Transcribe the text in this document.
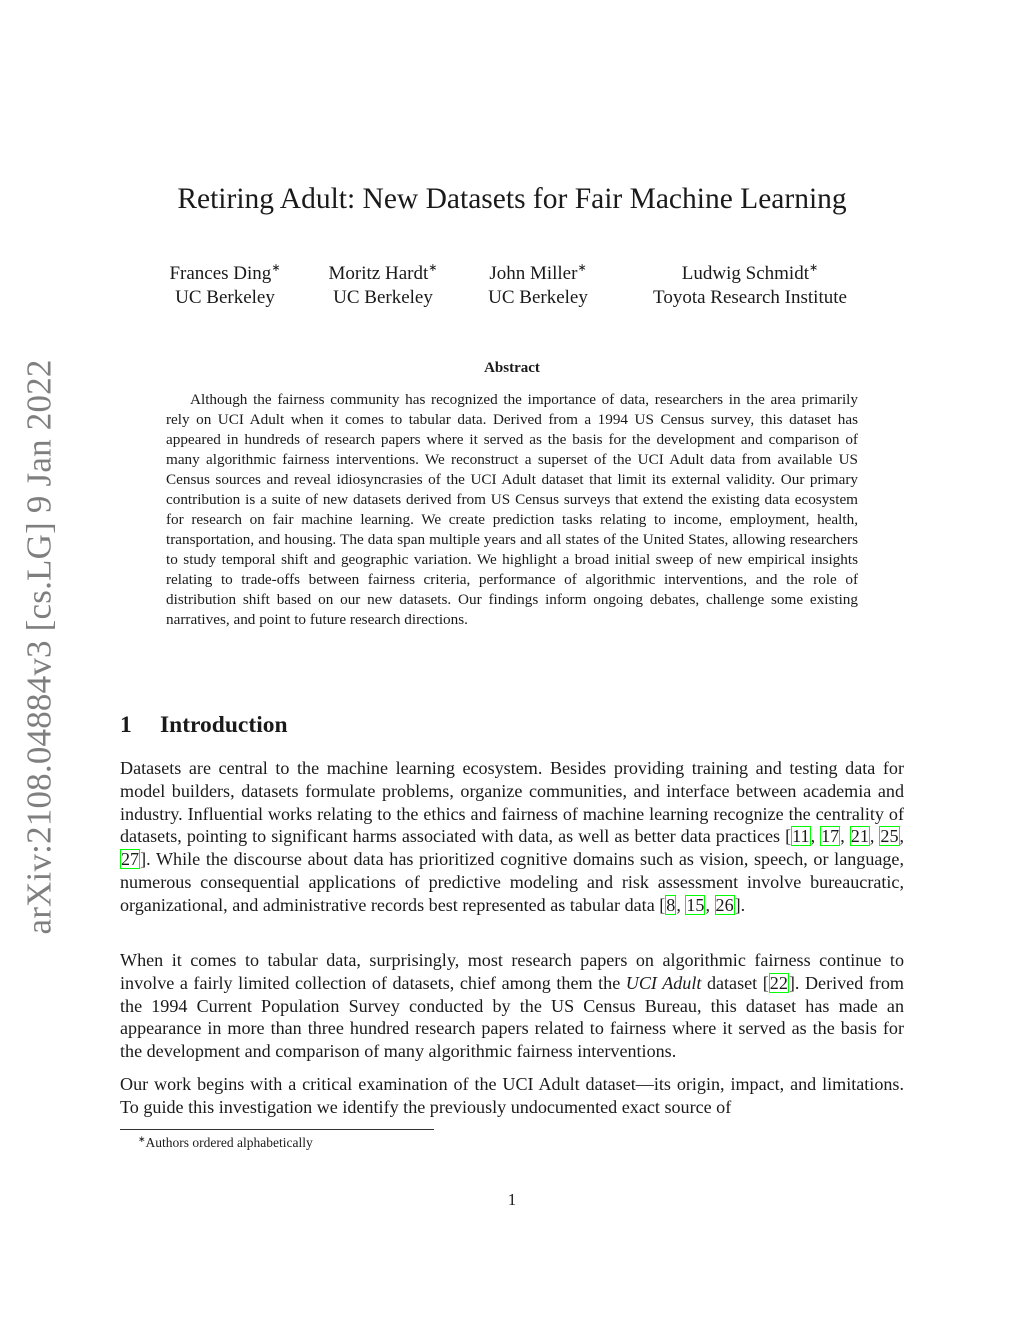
arXiv:2108.04884v3 [cs.LG] 9 Jan 2022
Retiring Adult: New Datasets for Fair Machine Learning
Frances Ding∗
UC Berkeley
Moritz Hardt∗
UC Berkeley
John Miller∗
UC Berkeley
Ludwig Schmidt∗
Toyota Research Institute
Abstract

Although the fairness community has recognized the importance of data, researchers in the area primarily rely on UCI Adult when it comes to tabular data. Derived from a 1994 US Census survey, this dataset has appeared in hundreds of research papers where it served as the basis for the development and comparison of many algorithmic fairness interventions. We reconstruct a superset of the UCI Adult data from available US Census sources and reveal idiosyncrasies of the UCI Adult dataset that limit its external validity. Our primary contribution is a suite of new datasets derived from US Census surveys that extend the existing data ecosystem for research on fair machine learning. We create prediction tasks relating to income, employment, health, transportation, and housing. The data span multiple years and all states of the United States, allowing researchers to study temporal shift and geographic variation. We highlight a broad initial sweep of new empirical insights relating to trade-offs between fairness criteria, performance of algorithmic interventions, and the role of distribution shift based on our new datasets. Our findings inform ongoing debates, challenge some existing narratives, and point to future research directions.

1 Introduction

Datasets are central to the machine learning ecosystem. Besides providing training and testing data for model builders, datasets formulate problems, organize communities, and interface between academia and industry. Influential works relating to the ethics and fairness of machine learning recognize the centrality of datasets, pointing to significant harms associated with data, as well as better data practices [11, 17, 21, 25, 27]. While the discourse about data has prioritized cognitive domains such as vision, speech, or language, numerous consequential applications of predictive modeling and risk assessment involve bureaucratic, organizational, and administrative records best represented as tabular data [8, 15, 26].

When it comes to tabular data, surprisingly, most research papers on algorithmic fairness continue to involve a fairly limited collection of datasets, chief among them the UCI Adult dataset [22]. Derived from the 1994 Current Population Survey conducted by the US Census Bureau, this dataset has made an appearance in more than three hundred research papers related to fairness where it served as the basis for the development and comparison of many algorithmic fairness interventions.

Our work begins with a critical examination of the UCI Adult dataset—its origin, impact, and limitations. To guide this investigation we identify the previously undocumented exact source of

∗Authors ordered alphabetically
1
